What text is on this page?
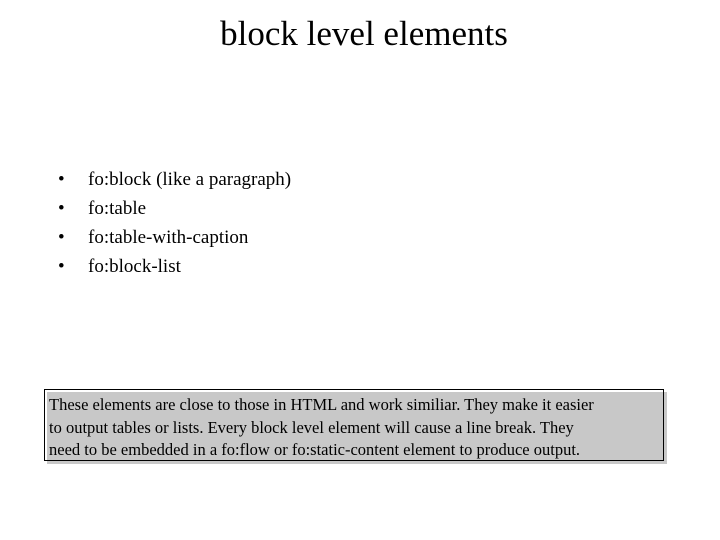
block level elements
• fo:block (like a paragraph)
• fo:table
• fo:table-with-caption
• fo:block-list
These elements are close to those in HTML and work similiar. They make it easier
to output tables or lists. Every block level element will cause a line break. They
need to be embedded in a fo:flow or fo:static-content element to produce output.
